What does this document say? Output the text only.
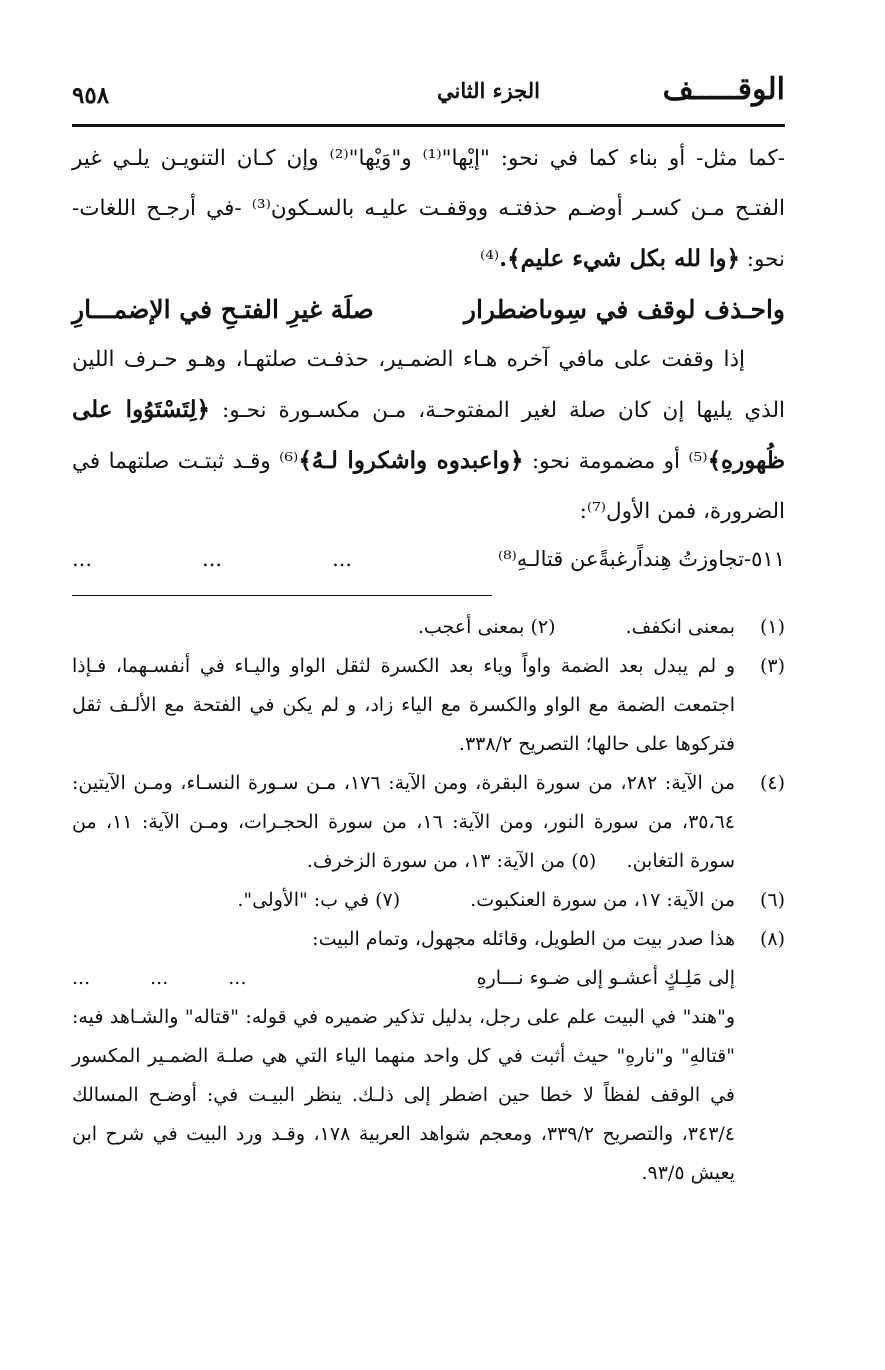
الوقـــــف
الجزء الثاني
٩٥٨

-كما مثل- أو بناء كما في نحو: "إيْها"⁽¹⁾ و"وَيْها"⁽²⁾ وإن كـان التنويـن يلـي غير الفتـح مـن كسـر أوضـم حذفتـه ووقفـت عليـه بالسـكون⁽³⁾ -في أرجـح اللغات- نحو: ﴿وا لله بكل شيء عليم﴾.⁽⁴⁾

واحـذف لوقف في سِوىاضطرار
صلَة غيرِ الفتـحِ في الإضمـــارِ

إذا وقفت على مافي آخره هـاء الضمـير، حذفـت صلتهـا، وهـو حـرف اللين الذي يليها إن كان صلة لغير المفتوحـة، مـن مكسـورة نحـو: ﴿لِتَسْتَوُوا على ظُهورهِ﴾⁽⁵⁾ أو مضمومة نحو: ﴿واعبدوه واشكروا لـهُ﴾⁽⁶⁾ وقـد ثبتـت صلتهما في الضرورة، فمن الأول⁽⁷⁾:

٥١١-تجاوزتُ هِنداًرغبةًعن قتالـهِ⁽⁸⁾
...	...	...
(١)
بمعنى انكفف.
(٢) بمعنى أعجب.
(٣)
و لم يبدل بعد الضمة واواً وياء بعد الكسرة لثقل الواو واليـاء في أنفسـهما، فـإذا اجتمعت الضمة مع الواو والكسرة مع الياء زاد، و لم يكن في الفتحة مع الألـف ثقل فتركوها على حالها؛ التصريح ٣٣٨/٢.
(٤)
من الآية: ٢٨٢، من سورة البقرة، ومن الآية: ١٧٦، مـن سـورة النسـاء، ومـن الآيتين: ٣٥،٦٤، من سورة النور، ومن الآية: ١٦، من سورة الحجـرات، ومـن الآية: ١١، من سورة التغابن.     (٥) من الآية: ١٣، من سورة الزخرف.
(٦)
من الآية: ١٧، من سورة العنكبوت.
(٧) في ب: "الأولى".
(٨)
هذا صدر بيت من الطويل، وقائله مجهول، وتمام البيت:
إلى مَلِـكٍ أعشـو إلى ضـوء نـــارهِ
...
...
...
و"هند" في البيت علم على رجل، بدليل تذكير ضميره في قوله: "قتاله" والشـاهد فيه: "قتالهِ" و"نارهِ" حيث أثبت في كل واحد منهما الياء التي هي صلـة الضمـير المكسور في الوقف لفظاً لا خطا حين اضطر إلى ذلـك. ينظر البيـت في: أوضـح المسالك ٣٤٣/٤، والتصريح ٣٣٩/٢، ومعجم شواهد العربية ١٧٨، وقـد ورد البيت في شرح ابن يعيش ٩٣/٥.
